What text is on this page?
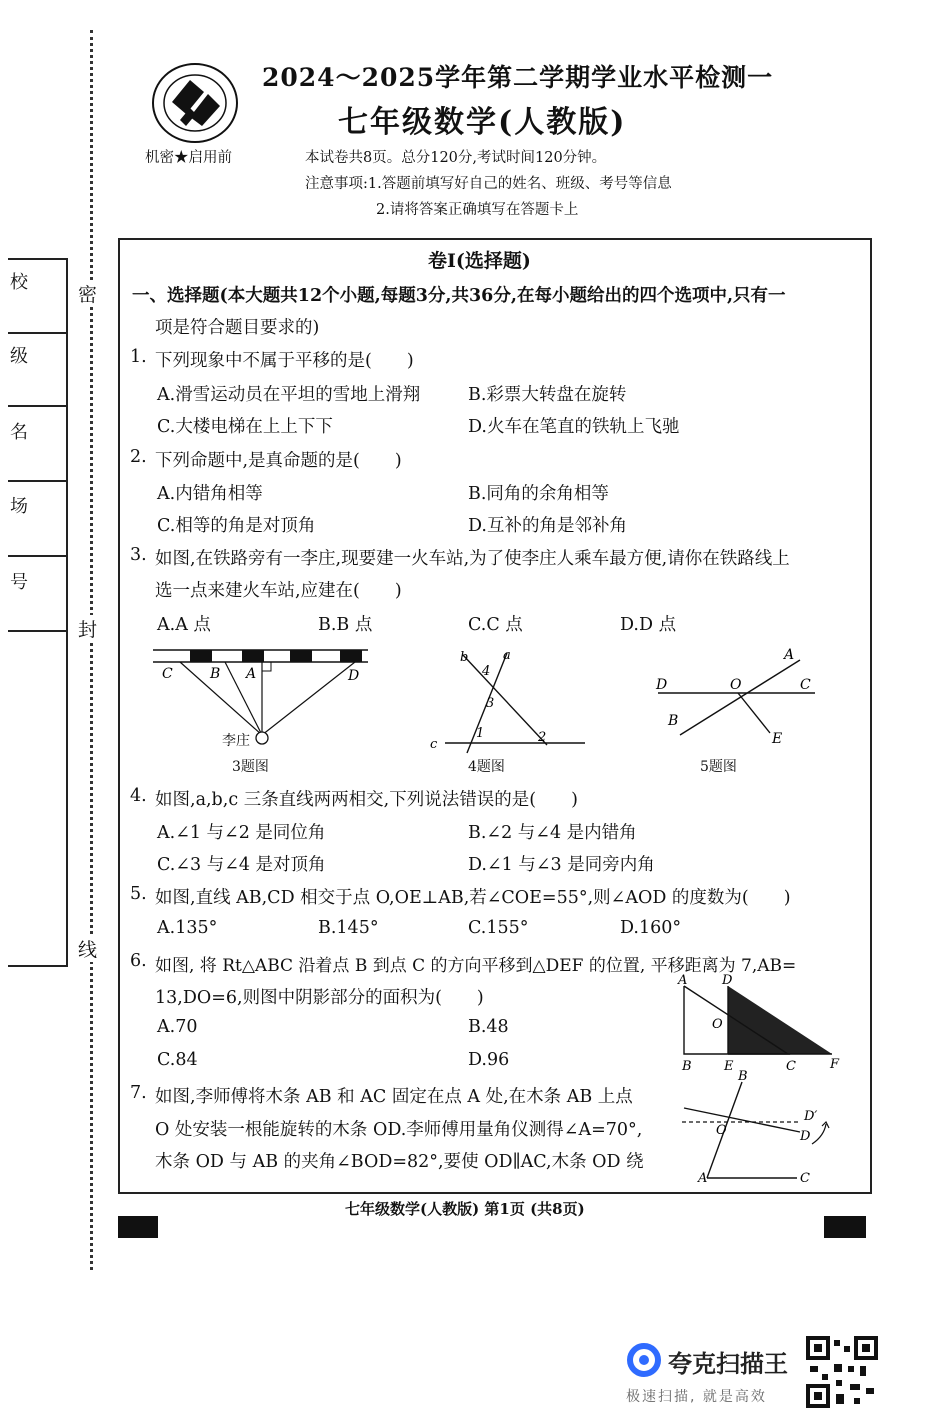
密
封
线
校
级
名
场
号
2024～2025学年第二学期学业水平检测一
七年级数学(人教版)
机密★启用前	本试卷共8页。总分120分,考试时间120分钟。
注意事项:1.答题前填写好自己的姓名、班级、考号等信息
2.请将答案正确填写在答题卡上
卷Ⅰ(选择题)
一、选择题(本大题共12个小题,每题3分,共36分,在每小题给出的四个选项中,只有一
项是符合题目要求的)
1. 下列现象中不属于平移的是(　　)
A.滑雪运动员在平坦的雪地上滑翔	B.彩票大转盘在旋转
C.大楼电梯在上上下下	D.火车在笔直的铁轨上飞驰
2. 下列命题中,是真命题的是(　　)
A.内错角相等	B.同角的余角相等
C.相等的角是对顶角	D.互补的角是邻补角
3. 如图,在铁路旁有一李庄,现要建一火车站,为了使李庄人乘车最方便,请你在铁路线上
选一点来建火车站,应建在(　　)
A.A 点	B.B 点	C.C 点	D.D 点
C	B A	D
李庄
3题图
b	a
c
1	2
3
4
4题图
A
D	O	C
B
E
5题图
4. 如图,a,b,c 三条直线两两相交,下列说法错误的是(　　)
A.∠1 与∠2 是同位角	B.∠2 与∠4 是内错角
C.∠3 与∠4 是对顶角	D.∠1 与∠3 是同旁内角
5. 如图,直线 AB,CD 相交于点 O,OE⊥AB,若∠COE=55°,则∠AOD 的度数为(　　)
A.135°	B.145°	C.155°	D.160°
6. 如图, 将 Rt△ABC 沿着点 B 到点 C 的方向平移到△DEF 的位置, 平移距离为 7,AB=
13,DO=6,则图中阴影部分的面积为(　　)
A.70	B.48
C.84	D.96
A	D
O
B E	C	F
7. 如图,李师傅将木条 AB 和 AC 固定在点 A 处,在木条 AB 上点
O 处安装一根能旋转的木条 OD.李师傅用量角仪测得∠A=70°,
木条 OD 与 AB 的夹角∠BOD=82°,要使 OD∥AC,木条 OD 绕
B
O
D′
D
A	C
七年级数学(人教版) 第1页 (共8页)
夸克扫描王
极速扫描, 就是高效
